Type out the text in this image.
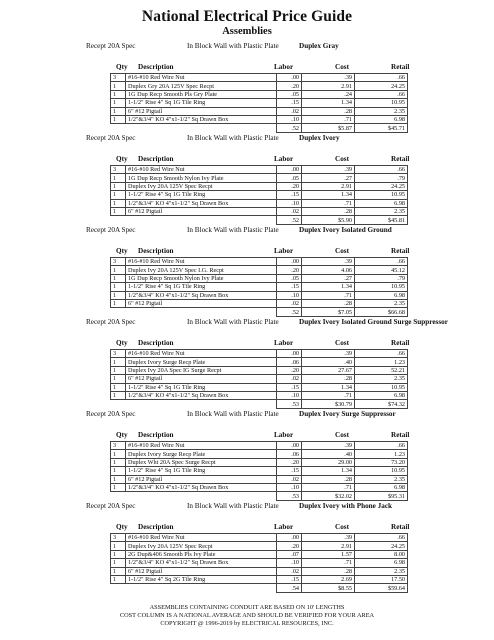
National Electrical Price Guide
Assemblies
Recept 20A Spec	In Block Wall with Plastic Plate	Duplex Gray
Qty Description	Labor	Cost	Retail
3	#16-#10 Red Wire Nut	.00	.39	.66
1	Duplex Gry 20A 125V Spec Recpt	.20	2.91	24.25
1	1G Dup Recp Smooth Pls Gry Plate	.05	.24	.66
1	1-1/2" Rise 4" Sq 1G Tile Ring	.15	1.34	10.95
1	6" #12 Pigtail	.02	.28	2.35
1	1/2"&3/4" KO 4"x1-1/2" Sq Drawn Box	.10	.71	6.98
		.52	$5.87	$45.71
Recept 20A Spec	In Block Wall with Plastic Plate	Duplex Ivory
Qty Description	Labor	Cost	Retail
3	#16-#10 Red Wire Nut	.00	.39	.66
1	1G Dup Recp Smooth Nylon Ivy Plate	.05	.27	.79
1	Duplex Ivy 20A 125V Spec Recpt	.20	2.91	24.25
1	1-1/2" Rise 4" Sq 1G Tile Ring	.15	1.34	10.95
1	1/2"&3/4" KO 4"x1-1/2" Sq Drawn Box	.10	.71	6.98
1	6" #12 Pigtail	.02	.28	2.35
		.52	$5.90	$45.81
Recept 20A Spec	In Block Wall with Plastic Plate	Duplex Ivory Isolated Ground
Qty Description	Labor	Cost	Retail
3	#16-#10 Red Wire Nut	.00	.39	.66
1	Duplex Ivy 20A 125V Spec I.G. Recpt	.20	4.06	45.12
1	1G Dup Recp Smooth Nylon Ivy Plate	.05	.27	.79
1	1-1/2" Rise 4" Sq 1G Tile Ring	.15	1.34	10.95
1	1/2"&3/4" KO 4"x1-1/2" Sq Drawn Box	.10	.71	6.98
1	6" #12 Pigtail	.02	.28	2.35
		.52	$7.05	$66.68
Recept 20A Spec	In Block Wall with Plastic Plate	Duplex Ivory Isolated Ground Surge Suppressor
Qty Description	Labor	Cost	Retail
3	#16-#10 Red Wire Nut	.00	.39	.66
1	Duplex Ivory Surge Recp Plate	.06	.40	1.23
1	Duplex Ivy 20A Spec IG Surge Recpt	.20	27.67	52.21
1	6" #12 Pigtail	.02	.28	2.35
1	1-1/2" Rise 4" Sq 1G Tile Ring	.15	1.34	10.95
1	1/2"&3/4" KO 4"x1-1/2" Sq Drawn Box	.10	.71	6.98
		.53	$30.79	$74.32
Recept 20A Spec	In Block Wall with Plastic Plate	Duplex Ivory Surge Suppressor
Qty Description	Labor	Cost	Retail
3	#16-#10 Red Wire Nut	.00	.39	.66
1	Duplex Ivory Surge Recp Plate	.06	.40	1.23
1	Duplex Wht 20A Spec Surge Recpt	.20	29.00	73.20
1	1-1/2" Rise 4" Sq 1G Tile Ring	.15	1.34	10.95
1	6" #12 Pigtail	.02	.28	2.35
1	1/2"&3/4" KO 4"x1-1/2" Sq Drawn Box	.10	.71	6.98
		.53	$32.02	$95.31
Recept 20A Spec	In Block Wall with Plastic Plate	Duplex Ivory with Phone Jack
Qty Description	Labor	Cost	Retail
3	#16-#10 Red Wire Nut	.00	.39	.66
1	Duplex Ivy 20A 125V Spec Recpt	.20	2.91	24.25
1	2G Dup&406 Smooth Pls Ivy Plate	.07	1.57	8.00
1	1/2"&3/4" KO 4"x1-1/2" Sq Drawn Box	.10	.71	6.98
1	6" #12 Pigtail	.02	.28	2.35
1	1-1/2" Rise 4" Sq 2G Tile Ring	.15	2.69	17.50
		.54	$8.55	$59.64
ASSEMBLIES CONTAINING CONDUIT ARE BASED ON 10' LENGTHS
COST COLUMN IS A NATIONAL AVERAGE AND SHOULD BE VERIFIED FOR YOUR AREA
COPYRIGHT @ 1996-2019 by ELECTRICAL RESOURCES, INC.
